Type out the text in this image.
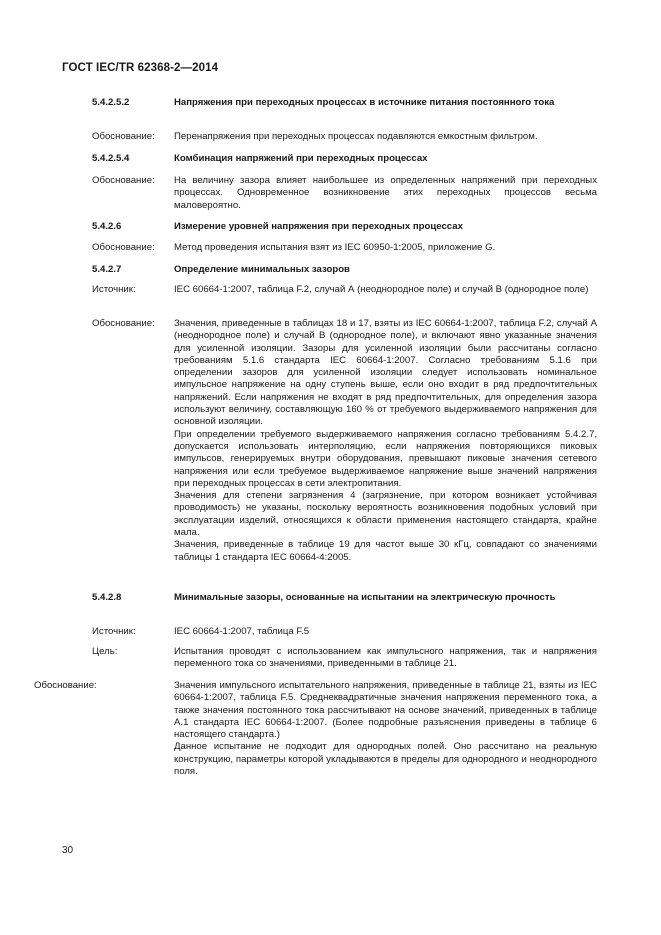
ГОСТ IEC/TR 62368-2—2014
5.4.2.5.2	Напряжения при переходных процессах в источнике питания постоянного тока
Обоснование: Перенапряжения при переходных процессах подавляются емкостным фильтром.
5.4.2.5.4	Комбинация напряжений при переходных процессах
Обоснование: На величину зазора влияет наибольшее из определенных напряжений при переходных процессах. Одновременное возникновение этих переходных процессов весьма маловероятно.
5.4.2.6	Измерение уровней напряжения при переходных процессах
Обоснование: Метод проведения испытания взят из IEC 60950-1:2005, приложение G.
5.4.2.7	Определение минимальных зазоров
Источник:	IEC 60664-1:2007, таблица F.2, случай А (неоднородное поле) и случай В (однородное поле)
Обоснование: Значения, приведенные в таблицах 18 и 17, взяты из IEC 60664-1:2007, таблица F.2, случай А (неоднородное поле) и случай В (однородное поле), и включают явно указанные значения для усиленной изоляции. Зазоры для усиленной изоляции были рассчитаны согласно требованиям 5.1.6 стандарта IEC 60664-1:2007. Согласно требованиям 5.1.6 при определении зазоров для усиленной изоляции следует использовать номинальное импульсное напряжение на одну ступень выше, если оно входит в ряд предпочтительных напряжений. Если напряжения не входят в ряд предпочтительных, для определения зазора используют величину, составляющую 160 % от требуемого выдерживаемого напряжения для основной изоляции.

При определении требуемого выдерживаемого напряжения согласно требованиям 5.4.2.7, допускается использовать интерполяцию, если напряжения повторяющихся пиковых импульсов, генерируемых внутри оборудования, превышают пиковые значения сетевого напряжения или если требуемое выдерживаемое напряжение выше значений напряжения при переходных процессах в сети электропитания.

Значения для степени загрязнения 4 (загрязнение, при котором возникает устойчивая проводимость) не указаны, поскольку вероятность возникновения подобных условий при эксплуатации изделий, относящихся к области применения настоящего стандарта, крайне мала.

Значения, приведенные в таблице 19 для частот выше 30 кГц, совпадают со значениями таблицы 1 стандарта IEC 60664-4:2005.

5.4.2.8	Минимальные зазоры, основанные на испытании на электрическую прочность
Источник:	IEC 60664-1:2007, таблица F.5
Цель:	Испытания проводят с использованием как импульсного напряжения, так и напряжения переменного тока со значениями, приведенными в таблице 21.
Обоснование:	Значения импульсного испытательного напряжения, приведенные в таблице 21, взяты из IEC 60664-1:2007, таблица F.5. Среднеквадратичные значения напряжения переменного тока, а также значения постоянного тока рассчитывают на основе значений, приведенных в таблице А.1 стандарта IEC 60664-1:2007. (Более подробные разъяснения приведены в таблице 6 настоящего стандарта.)

Данное испытание не подходит для однородных полей. Оно рассчитано на реальную конструкцию, параметры которой укладываются в пределы для однородного и неоднородного поля.

30
